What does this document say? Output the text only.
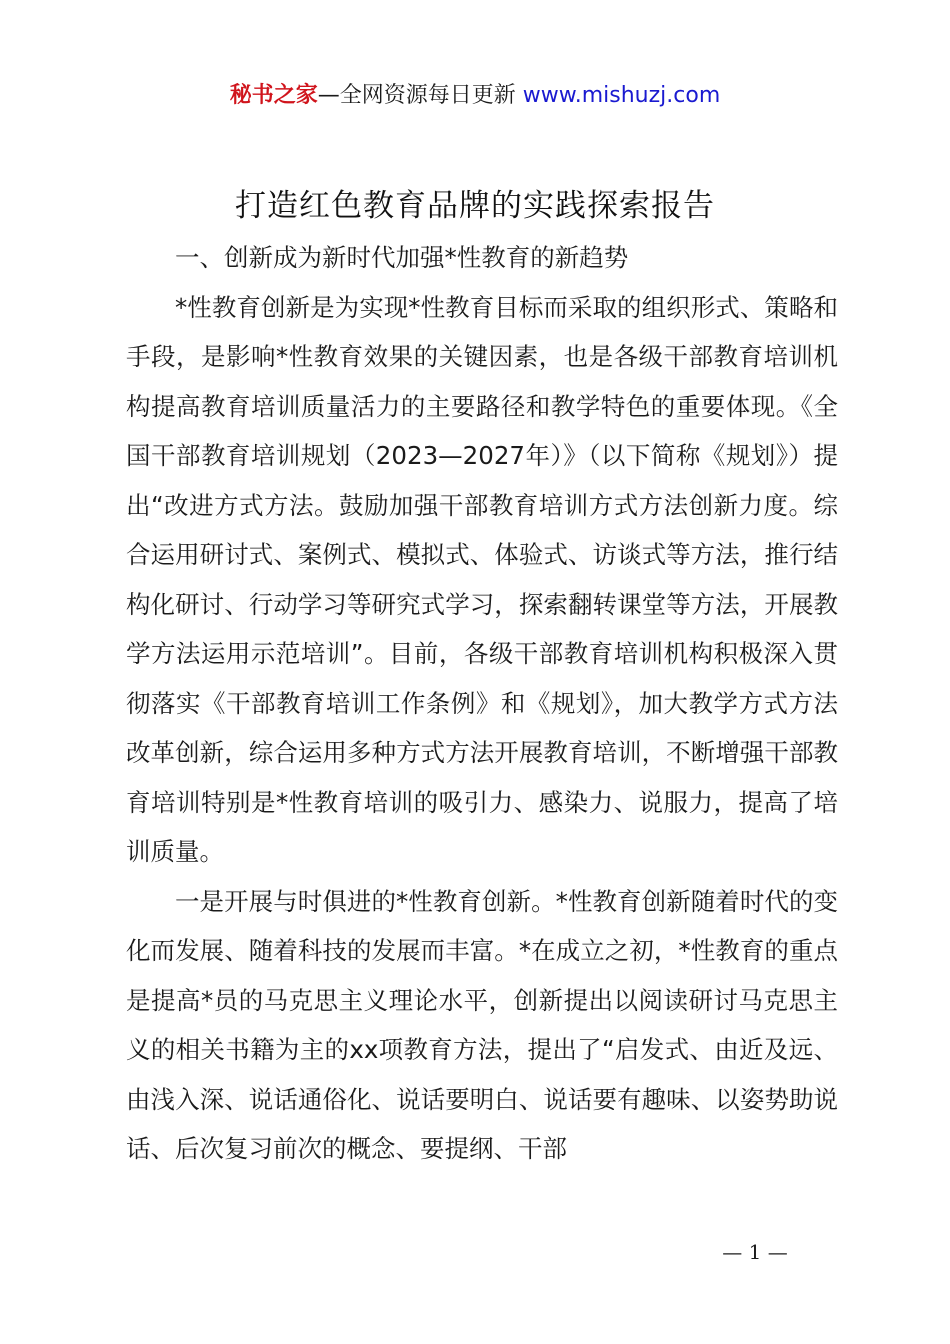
秘书之家—全网资源每日更新 www.mishuzj.com
打造红色教育品牌的实践探索报告

一、创新成为新时代加强*性教育的新趋势

*性教育创新是为实现*性教育目标而采取的组织形式、策略和手段，是影响*性教育效果的关键因素，也是各级干部教育培训机构提高教育培训质量活力的主要路径和教学特色的重要体现。《全国干部教育培训规划（2023—2027年）》（以下简称《规划》）提出“改进方式方法。鼓励加强干部教育培训方式方法创新力度。综合运用研讨式、案例式、模拟式、体验式、访谈式等方法，推行结构化研讨、行动学习等研究式学习，探索翻转课堂等方法，开展教学方法运用示范培训”。目前，各级干部教育培训机构积极深入贯彻落实《干部教育培训工作条例》和《规划》，加大教学方式方法改革创新，综合运用多种方式方法开展教育培训，不断增强干部教育培训特别是*性教育培训的吸引力、感染力、说服力，提高了培训质量。

一是开展与时俱进的*性教育创新。*性教育创新随着时代的变化而发展、随着科技的发展而丰富。*在成立之初，*性教育的重点是提高*员的马克思主义理论水平，创新提出以阅读研讨马克思主义的相关书籍为主的xx项教育方法，提出了“启发式、由近及远、由浅入深、说话通俗化、说话要明白、说话要有趣味、以姿势助说话、后次复习前次的概念、要提纲、干部

— 1 —
